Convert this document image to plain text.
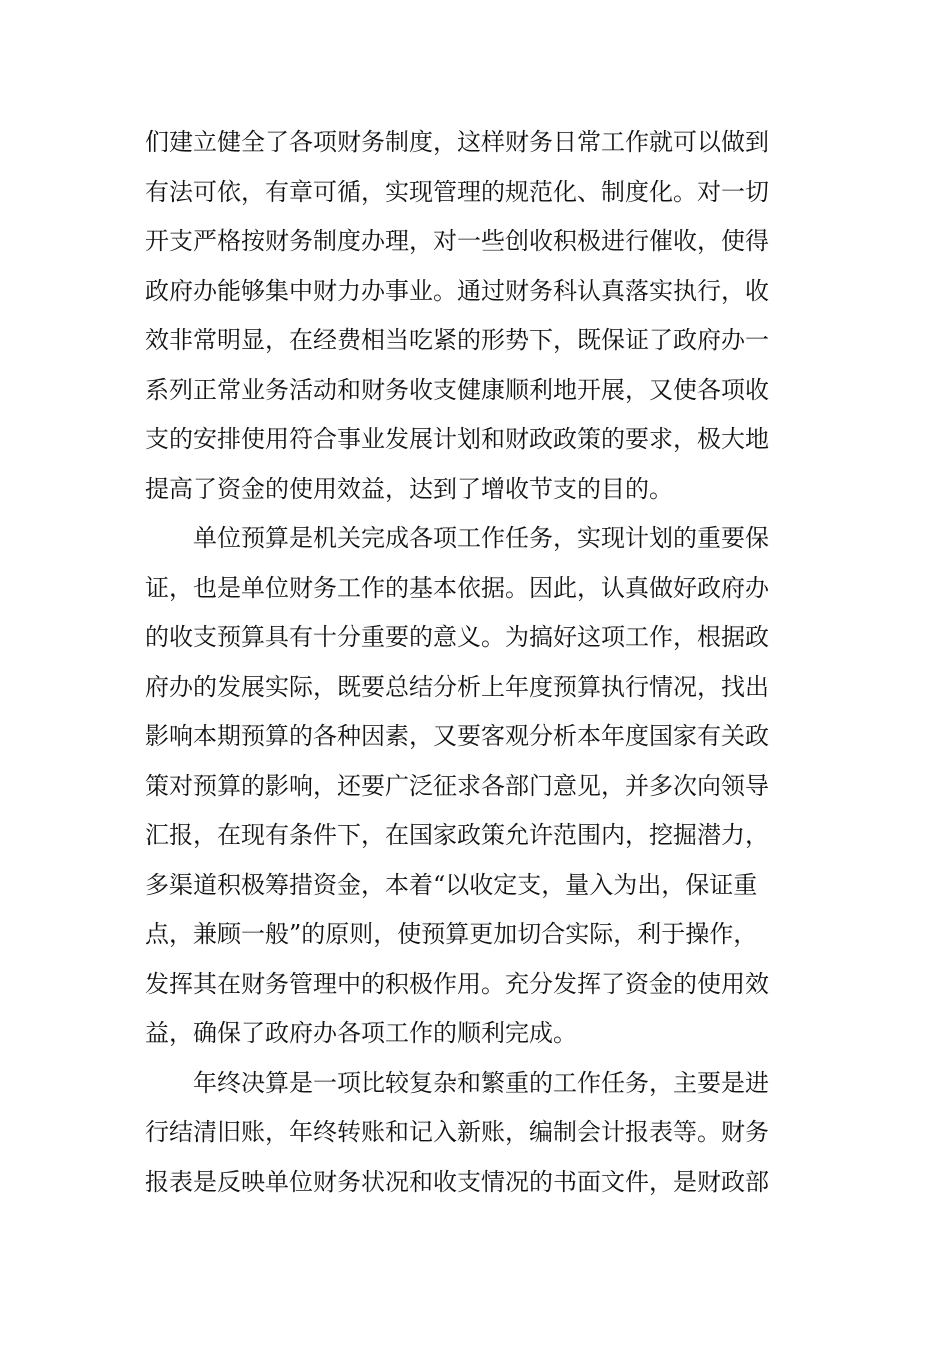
们建立健全了各项财务制度，这样财务日常工作就可以做到
有法可依，有章可循，实现管理的规范化、制度化。对一切
开支严格按财务制度办理，对一些创收积极进行催收，使得
政府办能够集中财力办事业。通过财务科认真落实执行，收
效非常明显，在经费相当吃紧的形势下，既保证了政府办一
系列正常业务活动和财务收支健康顺利地开展，又使各项收
支的安排使用符合事业发展计划和财政政策的要求，极大地
提高了资金的使用效益，达到了增收节支的目的。
单位预算是机关完成各项工作任务，实现计划的重要保
证，也是单位财务工作的基本依据。因此，认真做好政府办
的收支预算具有十分重要的意义。为搞好这项工作，根据政
府办的发展实际，既要总结分析上年度预算执行情况，找出
影响本期预算的各种因素，又要客观分析本年度国家有关政
策对预算的影响，还要广泛征求各部门意见，并多次向领导
汇报，在现有条件下，在国家政策允许范围内，挖掘潜力，
多渠道积极筹措资金，本着“以收定支，量入为出，保证重
点，兼顾一般”的原则，使预算更加切合实际，利于操作，
发挥其在财务管理中的积极作用。充分发挥了资金的使用效
益，确保了政府办各项工作的顺利完成。
年终决算是一项比较复杂和繁重的工作任务，主要是进
行结清旧账，年终转账和记入新账，编制会计报表等。财务
报表是反映单位财务状况和收支情况的书面文件，是财政部
